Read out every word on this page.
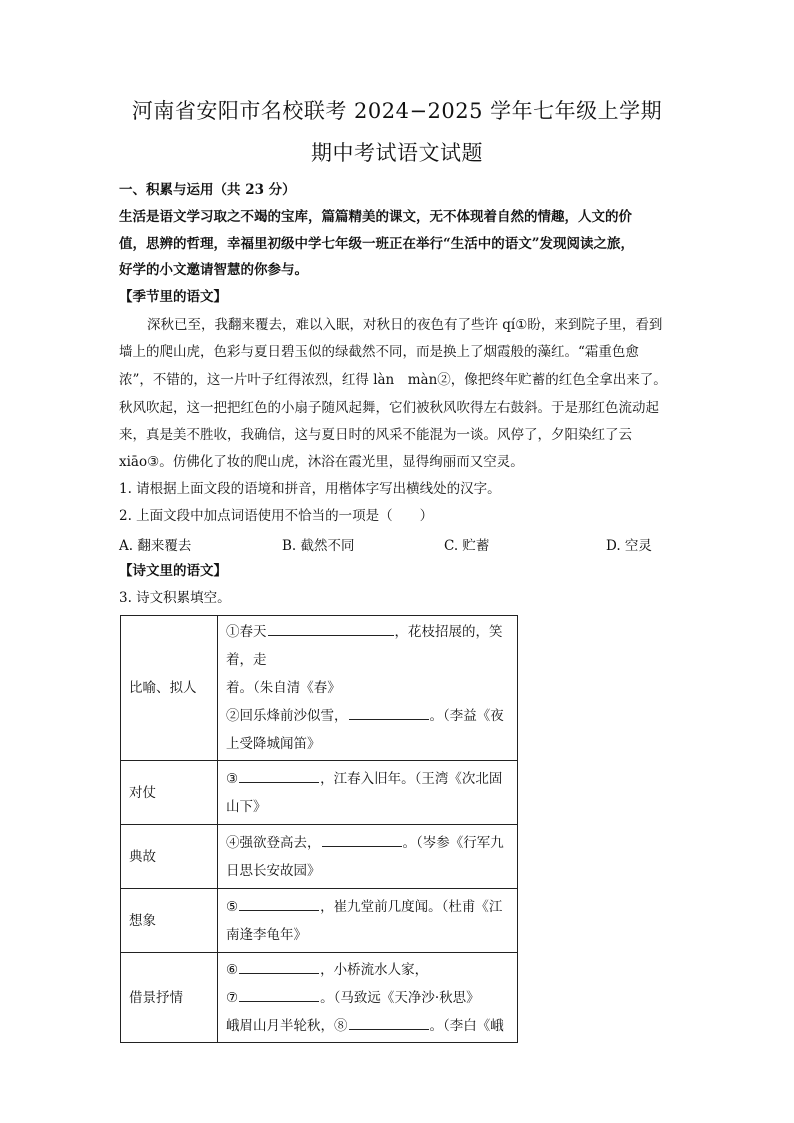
河南省安阳市名校联考 2024−2025 学年七年级上学期
期中考试语文试题
一、积累与运用（共 23 分）
生活是语文学习取之不竭的宝库，篇篇精美的课文，无不体现着自然的情趣，人文的价
值，思辨的哲理，幸福里初级中学七年级一班正在举行“生活中的语文”发现阅读之旅，
好学的小文邀请智慧的你参与。
【季节里的语文】
深秋已至，我翻来覆去，难以入眠，对秋日的夜色有了些许 qí①盼，来到院子里，看到
墙上的爬山虎，色彩与夏日碧玉似的绿截然不同，而是换上了烟霞般的藻红。“霜重色愈
浓”，不错的，这一片叶子红得浓烈，红得 làn　màn②，像把终年贮蓄的红色全拿出来了。
秋风吹起，这一把把红色的小扇子随风起舞，它们被秋风吹得左右鼓斜。于是那红色流动起
来，真是美不胜收，我确信，这与夏日时的风采不能混为一谈。风停了，夕阳染红了云
xiāo③。仿佛化了妆的爬山虎，沐浴在霞光里，显得绚丽而又空灵。
1. 请根据上面文段的语境和拼音，用楷体字写出横线处的汉字。
2. 上面文段中加点词语使用不恰当的一项是（　　）
A. 翻来覆去	B. 截然不同	C. 贮蓄	D. 空灵
【诗文里的语文】
3. 诗文积累填空。
比喻、拟人	①春天 ，花枝招展的，笑着，走
着。（朱自清《春》
②回乐烽前沙似雪， 。（李益《夜
上受降城闻笛》

对仗	③ ，江春入旧年。（王湾《次北固
山下》

典故	④强欲登高去， 。（岑参《行军九
日思长安故园》

想象	⑤ ，崔九堂前几度闻。（杜甫《江
南逢李龟年》

借景抒情	⑥ ，小桥流水人家，
⑦ 。（马致远《天净沙·秋思》
峨眉山月半轮秋，⑧ 。（李白《峨
